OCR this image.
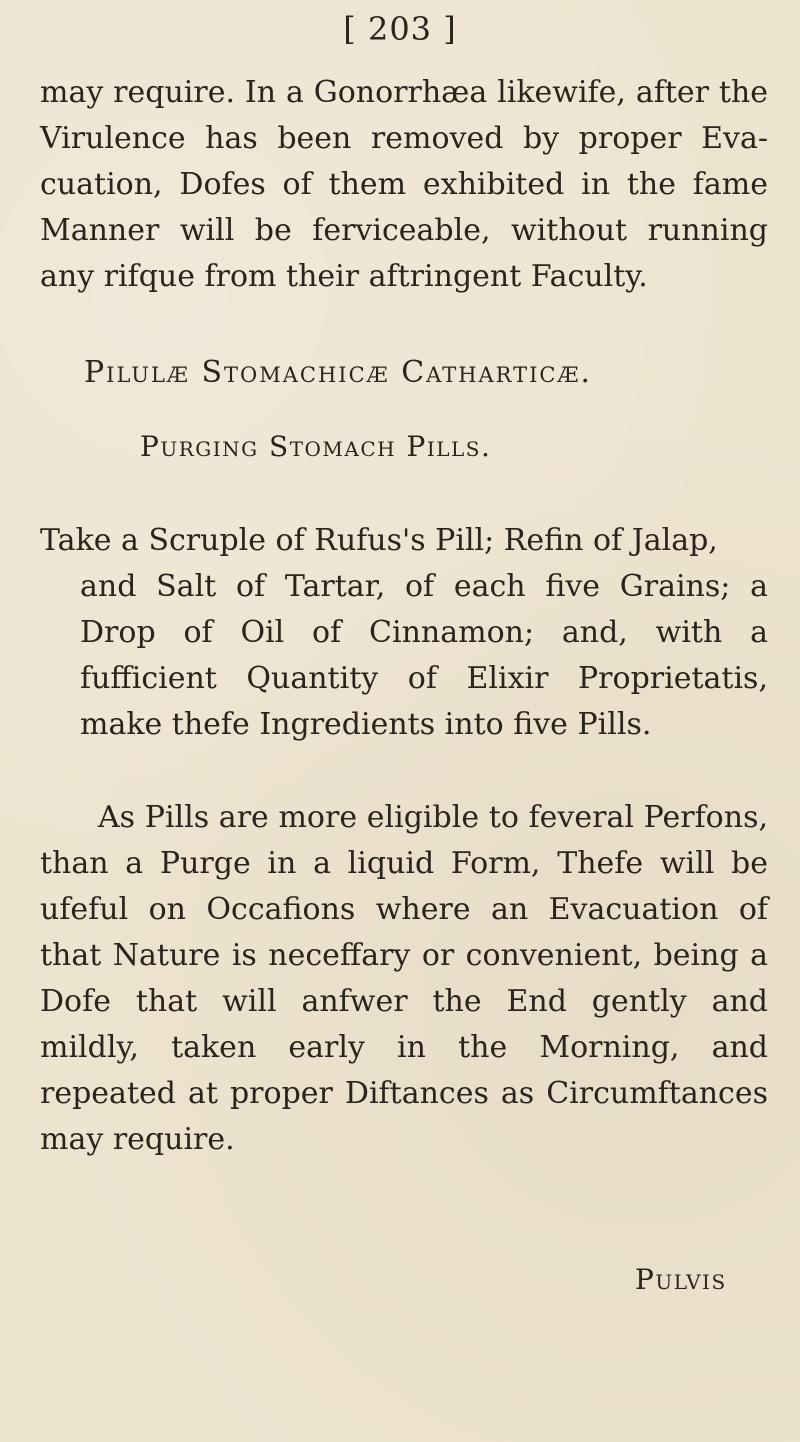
[ 203 ]

may require. In a Gonorrhæa likewife, after the Virulence has been removed by proper Eva-cuation, Dofes of them exhibited in the fame Manner will be ferviceable, without running any rifque from their aftringent Faculty.

Pilulæ Stomachicæ Catharticæ.
Purging Stomach Pills.

Take a Scruple of Rufus's Pill; Refin of Jalap,

and Salt of Tartar, of each five Grains; a Drop of Oil of Cinnamon; and, with a fufficient Quantity of Elixir Proprietatis, make thefe Ingredients into five Pills.

As Pills are more eligible to feveral Perfons, than a Purge in a liquid Form, Thefe will be ufeful on Occafions where an Evacuation of that Nature is neceffary or convenient, being a Dofe that will anfwer the End gently and mildly, taken early in the Morning, and repeated at proper Diftances as Circumftances may require.

Pulvis
